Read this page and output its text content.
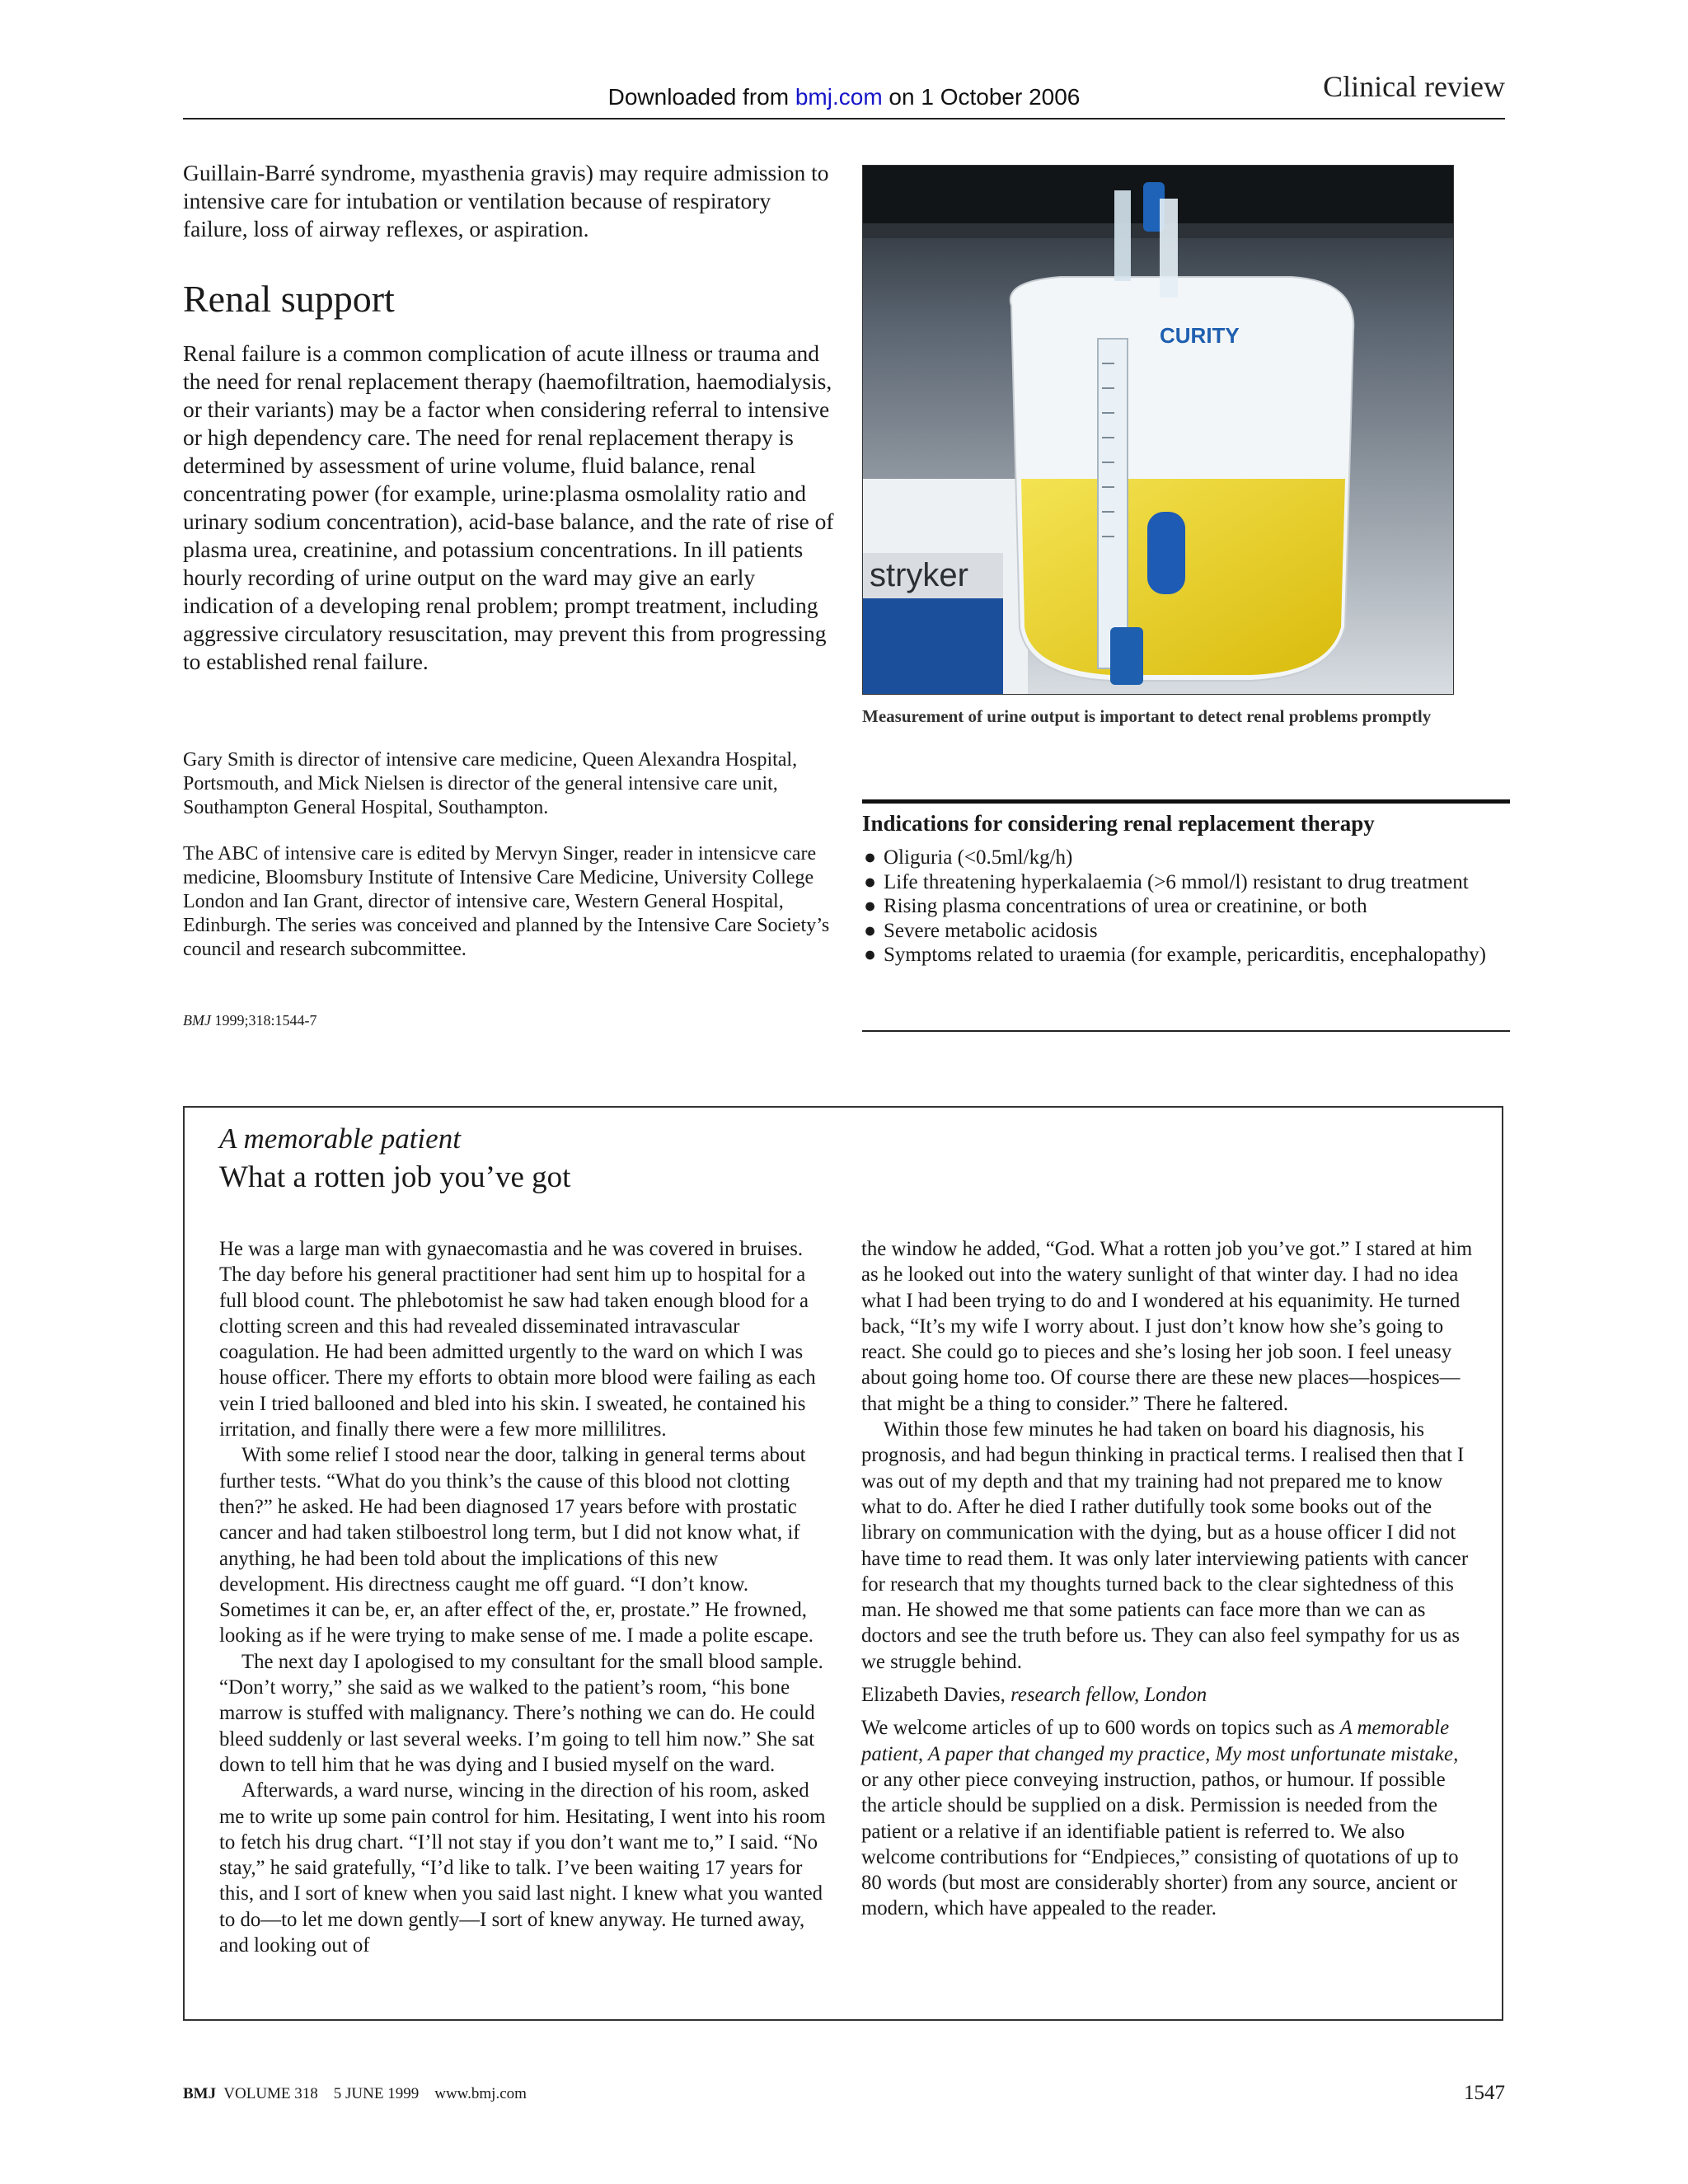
Downloaded from bmj.com on 1 October 2006	Clinical review

Guillain-Barré syndrome, myasthenia gravis) may require admission to intensive care for intubation or ventilation because of respiratory failure, loss of airway reflexes, or aspiration.

Renal support

Renal failure is a common complication of acute illness or trauma and the need for renal replacement therapy (haemofiltration, haemodialysis, or their variants) may be a factor when considering referral to intensive or high dependency care. The need for renal replacement therapy is determined by assessment of urine volume, fluid balance, renal concentrating power (for example, urine:plasma osmolality ratio and urinary sodium concentration), acid-base balance, and the rate of rise of plasma urea, creatinine, and potassium concentrations. In ill patients hourly recording of urine output on the ward may give an early indication of a developing renal problem; prompt treatment, including aggressive circulatory resuscitation, may prevent this from progressing to established renal failure.

Gary Smith is director of intensive care medicine, Queen Alexandra Hospital, Portsmouth, and Mick Nielsen is director of the general intensive care unit, Southampton General Hospital, Southampton.

The ABC of intensive care is edited by Mervyn Singer, reader in intensicve care medicine, Bloomsbury Institute of Intensive Care Medicine, University College London and Ian Grant, director of intensive care, Western General Hospital, Edinburgh. The series was conceived and planned by the Intensive Care Society’s council and research subcommittee.

BMJ 1999;318:1544-7
stryker
CURITY

Measurement of urine output is important to detect renal problems promptly

Indications for considering renal replacement therapy
● Oliguria (<0.5ml/kg/h)
● Life threatening hyperkalaemia (>6 mmol/l) resistant to drug treatment
● Rising plasma concentrations of urea or creatinine, or both
● Severe metabolic acidosis
● Symptoms related to uraemia (for example, pericarditis, encephalopathy)
A memorable patient
What a rotten job you’ve got

He was a large man with gynaecomastia and he was covered in bruises. The day before his general practitioner had sent him up to hospital for a full blood count. The phlebotomist he saw had taken enough blood for a clotting screen and this had revealed disseminated intravascular coagulation. He had been admitted urgently to the ward on which I was house officer. There my efforts to obtain more blood were failing as each vein I tried ballooned and bled into his skin. I sweated, he contained his irritation, and finally there were a few more millilitres.

With some relief I stood near the door, talking in general terms about further tests. “What do you think’s the cause of this blood not clotting then?” he asked. He had been diagnosed 17 years before with prostatic cancer and had taken stilboestrol long term, but I did not know what, if anything, he had been told about the implications of this new development. His directness caught me off guard. “I don’t know. Sometimes it can be, er, an after effect of the, er, prostate.” He frowned, looking as if he were trying to make sense of me. I made a polite escape.

The next day I apologised to my consultant for the small blood sample. “Don’t worry,” she said as we walked to the patient’s room, “his bone marrow is stuffed with malignancy. There’s nothing we can do. He could bleed suddenly or last several weeks. I’m going to tell him now.” She sat down to tell him that he was dying and I busied myself on the ward.

Afterwards, a ward nurse, wincing in the direction of his room, asked me to write up some pain control for him. Hesitating, I went into his room to fetch his drug chart. “I’ll not stay if you don’t want me to,” I said. “No stay,” he said gratefully, “I’d like to talk. I’ve been waiting 17 years for this, and I sort of knew when you said last night. I knew what you wanted to do—to let me down gently—I sort of knew anyway. He turned away, and looking out of

the window he added, “God. What a rotten job you’ve got.” I stared at him as he looked out into the watery sunlight of that winter day. I had no idea what I had been trying to do and I wondered at his equanimity. He turned back, “It’s my wife I worry about. I just don’t know how she’s going to react. She could go to pieces and she’s losing her job soon. I feel uneasy about going home too. Of course there are these new places—hospices—that might be a thing to consider.” There he faltered.

Within those few minutes he had taken on board his diagnosis, his prognosis, and had begun thinking in practical terms. I realised then that I was out of my depth and that my training had not prepared me to know what to do. After he died I rather dutifully took some books out of the library on communication with the dying, but as a house officer I did not have time to read them. It was only later interviewing patients with cancer for research that my thoughts turned back to the clear sightedness of this man. He showed me that some patients can face more than we can as doctors and see the truth before us. They can also feel sympathy for us as we struggle behind.

Elizabeth Davies, research fellow, London

We welcome articles of up to 600 words on topics such as A memorable patient, A paper that changed my practice, My most unfortunate mistake, or any other piece conveying instruction, pathos, or humour. If possible the article should be supplied on a disk. Permission is needed from the patient or a relative if an identifiable patient is referred to. We also welcome contributions for “Endpieces,” consisting of quotations of up to 80 words (but most are considerably shorter) from any source, ancient or modern, which have appealed to the reader.

BMJ  VOLUME 318    5 JUNE 1999    www.bmj.com	1547
